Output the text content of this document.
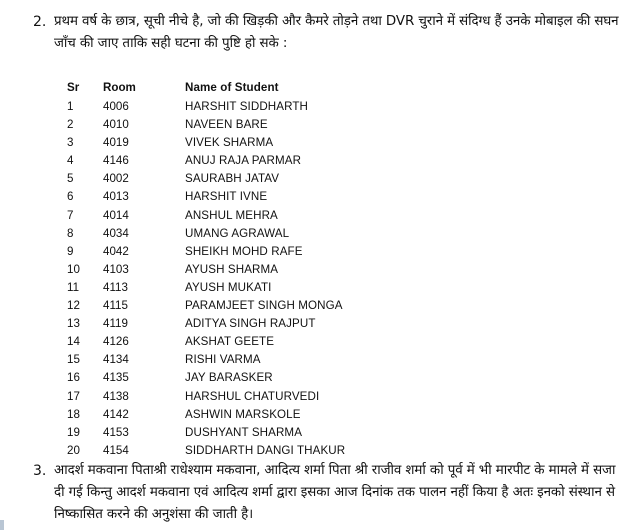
2. प्रथम वर्ष के छात्र, सूची नीचे है, जो की खिड़की और कैमरे तोड़ने तथा DVR चुराने में संदिग्ध हैं उनके मोबाइल की सघन
जाँच की जाए ताकि सही घटना की पुष्टि हो सके :
Sr	Room	Name of Student
1	4006	HARSHIT SIDDHARTH
2	4010	NAVEEN BARE
3	4019	VIVEK SHARMA
4	4146	ANUJ RAJA PARMAR
5	4002	SAURABH JATAV
6	4013	HARSHIT IVNE
7	4014	ANSHUL MEHRA
8	4034	UMANG AGRAWAL
9	4042	SHEIKH MOHD RAFE
10	4103	AYUSH SHARMA
11	4113	AYUSH MUKATI
12	4115	PARAMJEET SINGH MONGA
13	4119	ADITYA SINGH RAJPUT
14	4126	AKSHAT GEETE
15	4134	RISHI VARMA
16	4135	JAY BARASKER
17	4138	HARSHUL CHATURVEDI
18	4142	ASHWIN MARSKOLE
19	4153	DUSHYANT SHARMA
20	4154	SIDDHARTH DANGI THAKUR
3. आदर्श मकवाना पिताश्री राधेश्याम मकवाना, आदित्य शर्मा पिता श्री राजीव शर्मा को पूर्व में भी मारपीट के मामले में सजा
दी गई किन्तु आदर्श मकवाना एवं आदित्य शर्मा द्वारा इसका आज दिनांक तक पालन नहीं किया है अतः इनको संस्थान से
निष्कासित करने की अनुशंसा की जाती है।
